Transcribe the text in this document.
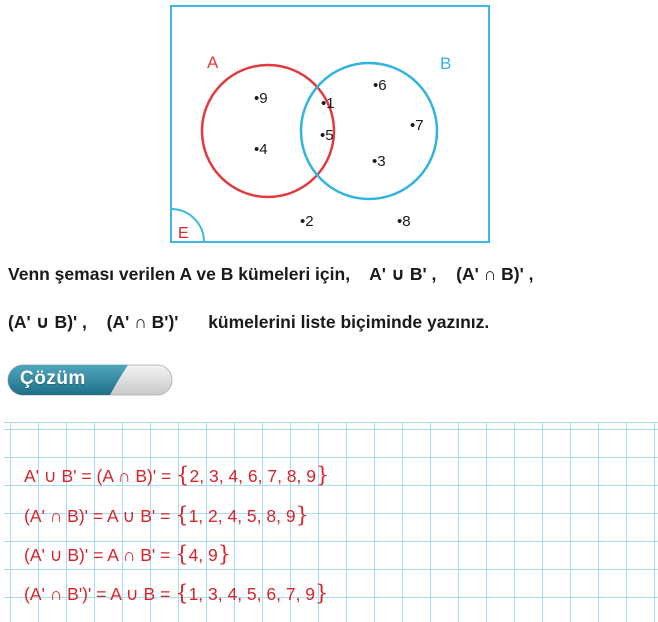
E
A	B
•9
•4
•1
•5
•6
•7
•3
•2	•8
Venn şeması verilen A ve B kümeleri için, A' ∪ B' , (A' ∩ B)' ,
(A' ∪ B)' , (A' ∩ B')' kümelerini liste biçiminde yazınız.
Çözüm
A' ∪ B' = (A ∩ B)' = {2, 3, 4, 6, 7, 8, 9}
(A' ∩ B)' = A ∪ B' = {1, 2, 4, 5, 8, 9}
(A' ∪ B)' = A ∩ B' = {4, 9}
(A' ∩ B')' = A ∪ B = {1, 3, 4, 5, 6, 7, 9}
